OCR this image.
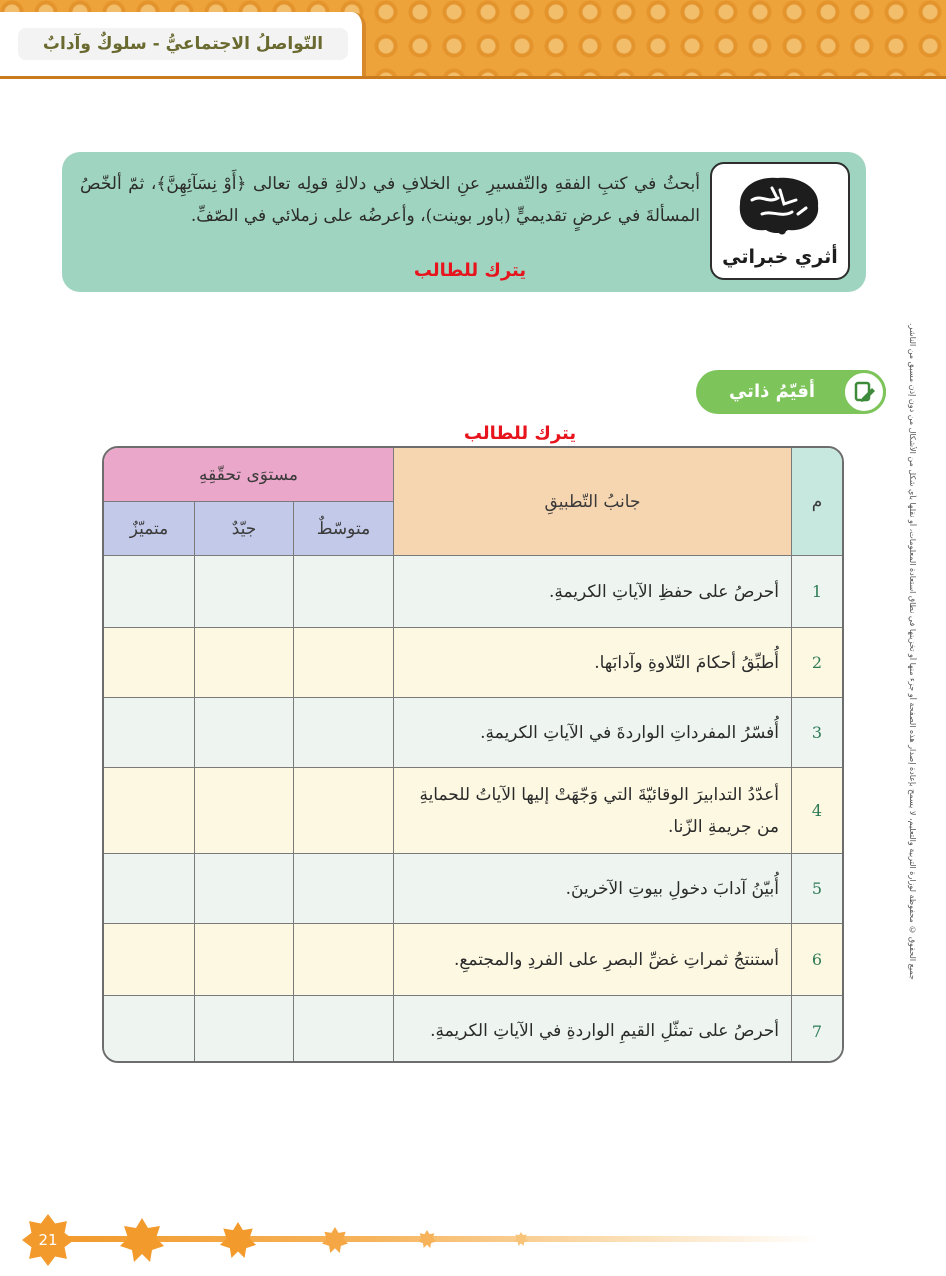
التّواصلُ الاجتماعيُّ - سلوكٌ وآدابٌ
أثري خبراتي
أبحثُ في كتبِ الفقهِ والتّفسيرِ عنِ الخلافِ في دلالةِ قولِه تعالى ﴿أَوْ نِسَآئِهِنَّ﴾، ثمّ ألخّصُ المسألةَ في عرضٍ تقديميٍّ (باور بوينت)، وأعرضُه على زملائي في الصّفِّ.
يترك للطالب
جميع الحقوق © محفوظة لوزارة التربية والتعليم، لا يسمح بإعادة إصدار هذه الصفحة أو جزء منها أو تخزينها في نطاق استعادة المعلومات، أو نقلها بأي شكل من الأشكال من دون إذن مسبق من الناشر.
أقيّمُ ذاتي
يترك للطالب
م
جانبُ التّطبيقِ
مستوَى تحقّقِهِ
متوسّطٌ
جيّدٌ
متميّزٌ
1
أحرصُ على حفظِ الآياتِ الكريمةِ.
2
أُطبِّقُ أحكامَ التّلاوةِ وآدابَها.
3
أُفسّرُ المفرداتِ الواردةَ في الآياتِ الكريمةِ.
4
أعدّدُ التدابيرَ الوقائيّةَ التي وَجّهَتْ إليها الآياتُ للحمايةِ من جريمةِ الزّنا.
5
أُبيّنُ آدابَ دخولِ بيوتِ الآخرينَ.
6
أستنتجُ ثمراتِ غضِّ البصرِ على الفردِ والمجتمعِ.
7
أحرصُ على تمثّلِ القيمِ الواردةِ في الآياتِ الكريمةِ.
21
